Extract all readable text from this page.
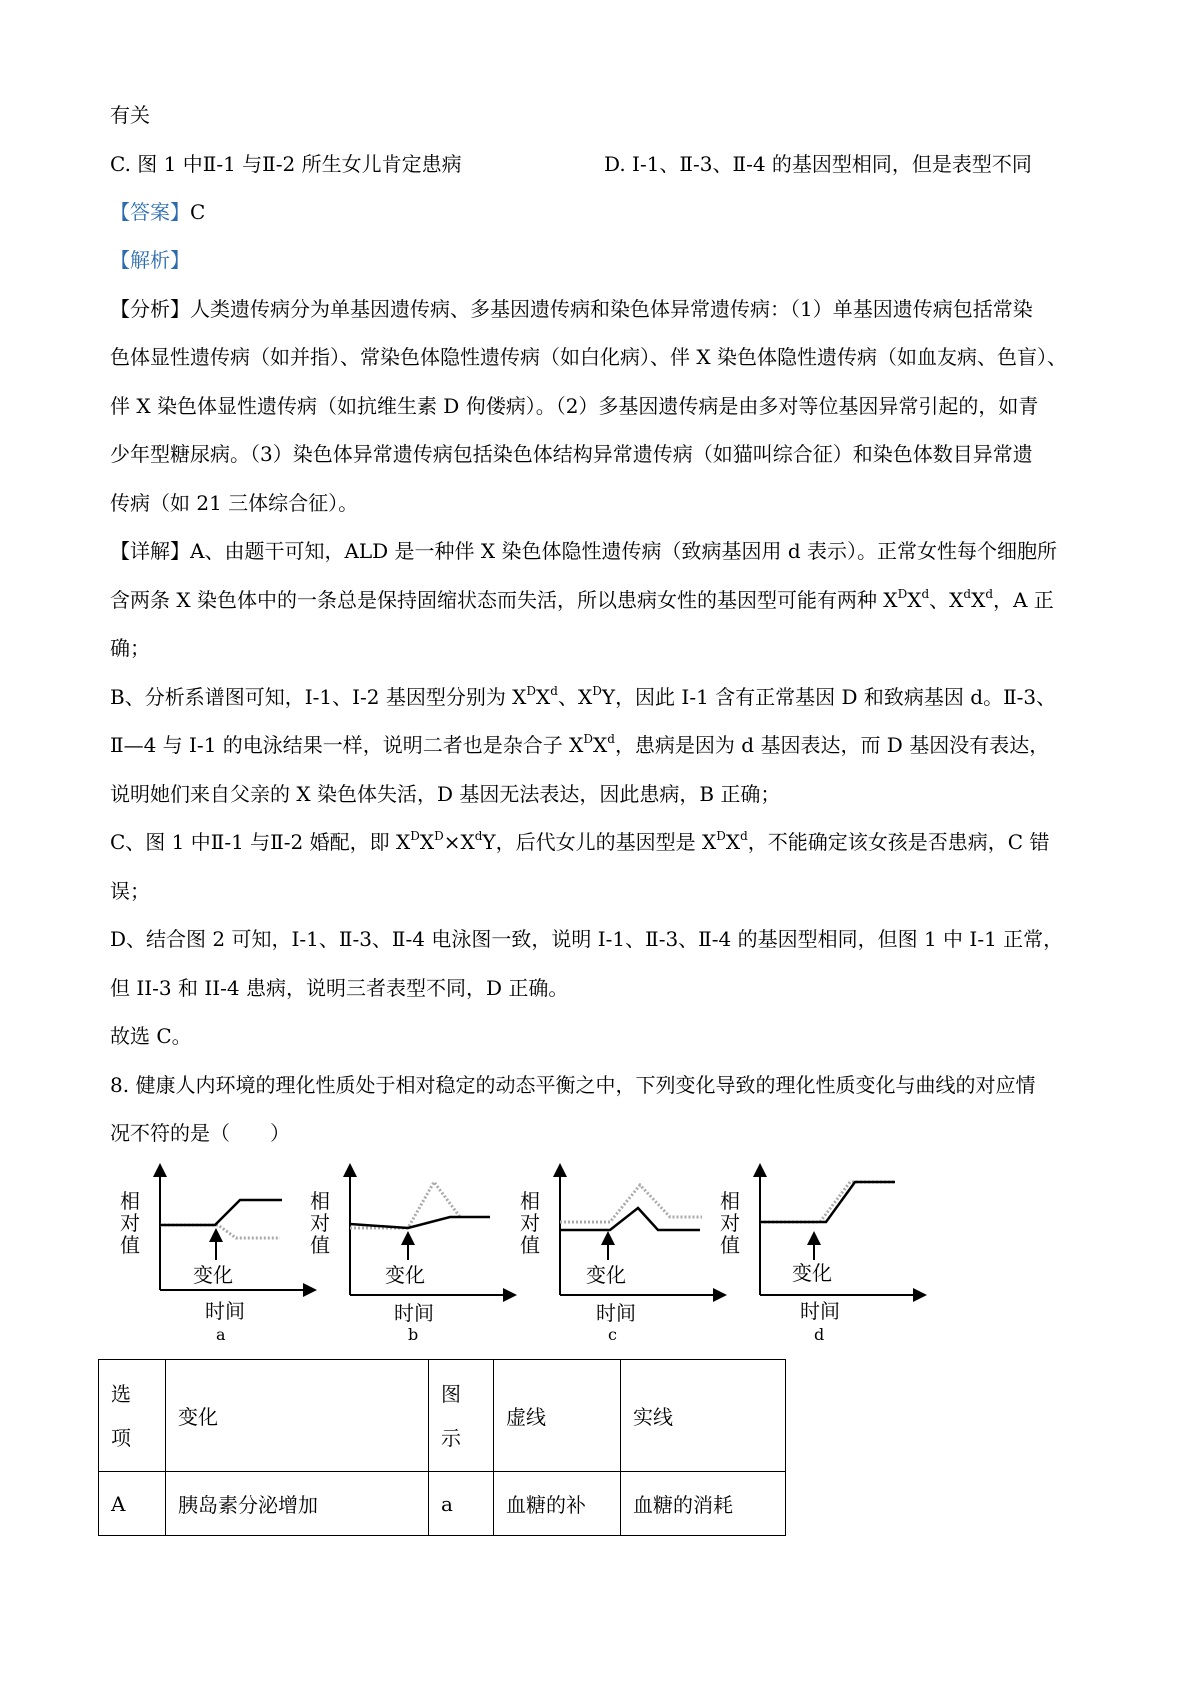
有关
C. 图 1 中Ⅱ-1 与Ⅱ-2 所生女儿肯定患病	D. I-1、Ⅱ-3、Ⅱ-4 的基因型相同，但是表型不同
【答案】C
【解析】
【分析】人类遗传病分为单基因遗传病、多基因遗传病和染色体异常遗传病：（1）单基因遗传病包括常染
色体显性遗传病（如并指）、常染色体隐性遗传病（如白化病）、伴 X 染色体隐性遗传病（如血友病、色盲）、
伴 X 染色体显性遗传病（如抗维生素 D 佝偻病）。（2）多基因遗传病是由多对等位基因异常引起的，如青
少年型糖尿病。（3）染色体异常遗传病包括染色体结构异常遗传病（如猫叫综合征）和染色体数目异常遗
传病（如 21 三体综合征）。
【详解】A、由题干可知，ALD 是一种伴 X 染色体隐性遗传病（致病基因用 d 表示）。正常女性每个细胞所
含两条 X 染色体中的一条总是保持固缩状态而失活，所以患病女性的基因型可能有两种 $X^DX^d$、$X^dX^d$，A 正
确；
B、分析系谱图可知，I-1、I-2 基因型分别为 $X^DX^d$、$X^DY$，因此 I-1 含有正常基因 D 和致病基因 d。Ⅱ-3、
Ⅱ—4 与 I-1 的电泳结果一样，说明二者也是杂合子 $X^DX^d$，患病是因为 d 基因表达，而 D 基因没有表达，
说明她们来自父亲的 X 染色体失活，D 基因无法表达，因此患病，B 正确；
C、图 1 中Ⅱ-1 与Ⅱ-2 婚配，即 $X^DX^D\times X^dY$，后代女儿的基因型是 $X^DX^d$，不能确定该女孩是否患病，C 错
误；
D、结合图 2 可知，I-1、Ⅱ-3、Ⅱ-4 电泳图一致，说明 I-1、Ⅱ-3、Ⅱ-4 的基因型相同，但图 1 中 I-1 正常，
但 II-3 和 II-4 患病，说明三者表型不同，D 正确。
故选 C。
8. 健康人内环境的理化性质处于相对稳定的动态平衡之中，下列变化导致的理化性质变化与曲线的对应情
况不符的是（　　）
相
对
值
变化
时间
a
相
对
值
变化
时间
b
相
对
值
变化
时间
c
相
对
值
变化
时间
d
选项	变化	图示	虚线	实线
A	胰岛素分泌增加	a	血糖的补	血糖的消耗
